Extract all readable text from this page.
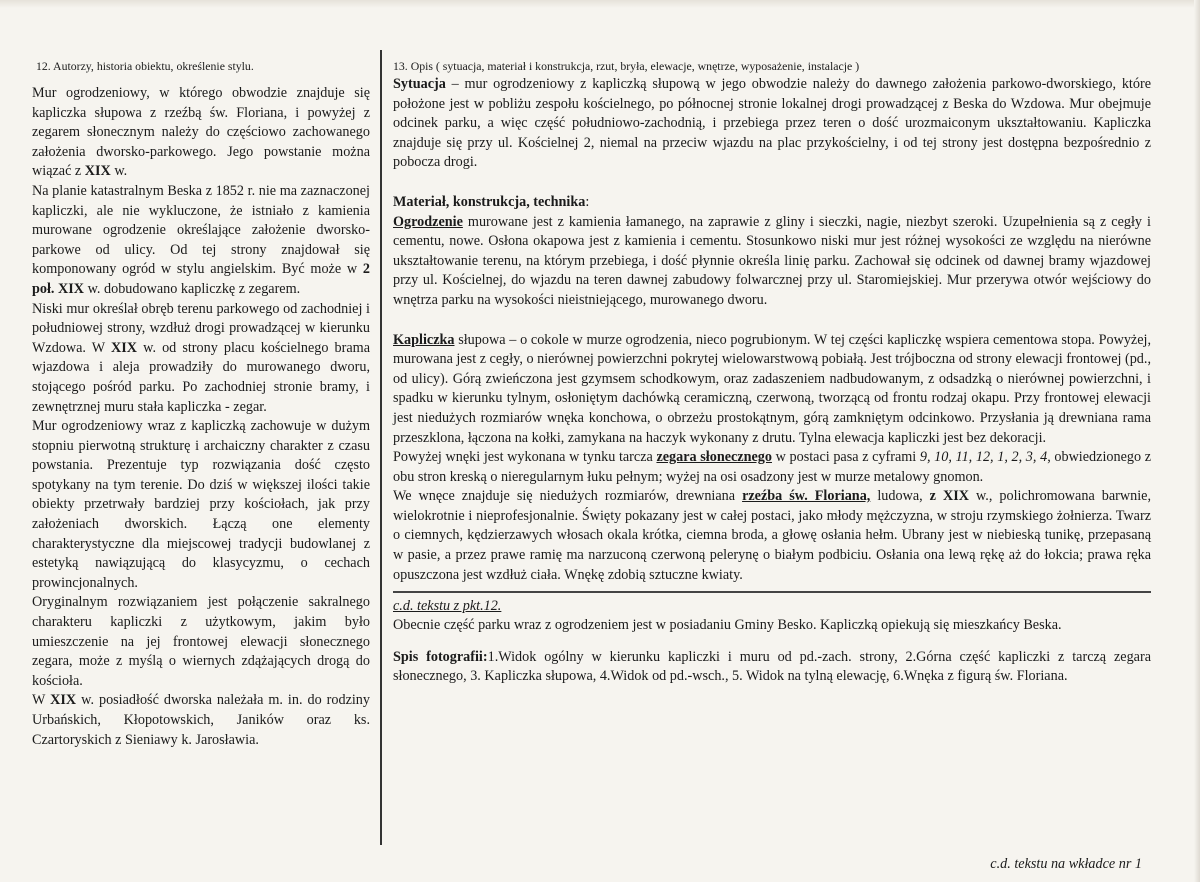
12. Autorzy, historia obiektu, określenie stylu.

Mur ogrodzeniowy, w którego obwodzie znajduje się kapliczka słupowa z rzeźbą św. Floriana, i powyżej z zegarem słonecznym należy do częściowo zachowanego założenia dworsko-parkowego. Jego powstanie można wiązać z XIX w.

Na planie katastralnym Beska z 1852 r. nie ma zaznaczonej kapliczki, ale nie wykluczone, że istniało z kamienia murowane ogrodzenie określające założenie dworsko-parkowe od ulicy. Od tej strony znajdował się komponowany ogród w stylu angielskim. Być może w 2 poł. XIX w. dobudowano kapliczkę z zegarem.

Niski mur określał obręb terenu parkowego od zachodniej i południowej strony, wzdłuż drogi prowadzącej w kierunku Wzdowa. W XIX w. od strony placu kościelnego brama wjazdowa i aleja prowadziły do murowanego dworu, stojącego pośród parku. Po zachodniej stronie bramy, i zewnętrznej muru stała kapliczka - zegar.

Mur ogrodzeniowy wraz z kapliczką zachowuje w dużym stopniu pierwotną strukturę i archaiczny charakter z czasu powstania. Prezentuje typ rozwiązania dość często spotykany na tym terenie. Do dziś w większej ilości takie obiekty przetrwały bardziej przy kościołach, jak przy założeniach dworskich. Łączą one elementy charakterystyczne dla miejscowej tradycji budowlanej z estetyką nawiązującą do klasycyzmu, o cechach prowincjonalnych.

Oryginalnym rozwiązaniem jest połączenie sakralnego charakteru kapliczki z użytkowym, jakim było umieszczenie na jej frontowej elewacji słonecznego zegara, może z myślą o wiernych zdążających drogą do kościoła.

W XIX w. posiadłość dworska należała m. in. do rodziny Urbańskich, Kłopotowskich, Janików oraz ks. Czartoryskich z Sieniawy k. Jarosławia.

13. Opis ( sytuacja, materiał i konstrukcja, rzut, bryła, elewacje, wnętrze, wyposażenie, instalacje )

Sytuacja – mur ogrodzeniowy z kapliczką słupową w jego obwodzie należy do dawnego założenia parkowo-dworskiego, które położone jest w pobliżu zespołu kościelnego, po północnej stronie lokalnej drogi prowadzącej z Beska do Wzdowa. Mur obejmuje odcinek parku, a więc część południowo-zachodnią, i przebiega przez teren o dość urozmaiconym ukształtowaniu. Kapliczka znajduje się przy ul. Kościelnej 2, niemal na przeciw wjazdu na plac przykościelny, i od tej strony jest dostępna bezpośrednio z pobocza drogi.

Materiał, konstrukcja, technika:

Ogrodzenie murowane jest z kamienia łamanego, na zaprawie z gliny i sieczki, nagie, niezbyt szeroki. Uzupełnienia są z cegły i cementu, nowe. Osłona okapowa jest z kamienia i cementu. Stosunkowo niski mur jest różnej wysokości ze względu na nierówne ukształtowanie terenu, na którym przebiega, i dość płynnie określa linię parku. Zachował się odcinek od dawnej bramy wjazdowej przy ul. Kościelnej, do wjazdu na teren dawnej zabudowy folwarcznej przy ul. Staromiejskiej. Mur przerywa otwór wejściowy do wnętrza parku na wysokości nieistniejącego, murowanego dworu.

Kapliczka słupowa – o cokole w murze ogrodzenia, nieco pogrubionym. W tej części kapliczkę wspiera cementowa stopa. Powyżej, murowana jest z cegły, o nierównej powierzchni pokrytej wielowarstwową pobiałą. Jest trójboczna od strony elewacji frontowej (pd., od ulicy). Górą zwieńczona jest gzymsem schodkowym, oraz zadaszeniem nadbudowanym, z odsadzką o nierównej powierzchni, i spadku w kierunku tylnym, osłoniętym dachówką ceramiczną, czerwoną, tworzącą od frontu rodzaj okapu. Przy frontowej elewacji jest niedużych rozmiarów wnęka konchowa, o obrzeżu prostokątnym, górą zamkniętym odcinkowo. Przysłania ją drewniana rama przeszklona, łączona na kołki, zamykana na haczyk wykonany z drutu. Tylna elewacja kapliczki jest bez dekoracji.

Powyżej wnęki jest wykonana w tynku tarcza zegara słonecznego w postaci pasa z cyframi 9, 10, 11, 12, 1, 2, 3, 4, obwiedzionego z obu stron kreską o nieregularnym łuku pełnym; wyżej na osi osadzony jest w murze metalowy gnomon.

We wnęce znajduje się niedużych rozmiarów, drewniana rzeźba św. Floriana, ludowa, z XIX w., polichromowana barwnie, wielokrotnie i nieprofesjonalnie. Święty pokazany jest w całej postaci, jako młody mężczyzna, w stroju rzymskiego żołnierza. Twarz o ciemnych, kędzierzawych włosach okala krótka, ciemna broda, a głowę osłania hełm. Ubrany jest w niebieską tunikę, przepasaną w pasie, a przez prawe ramię ma narzuconą czerwoną pelerynę o białym podbiciu. Osłania ona lewą rękę aż do łokcia; prawa ręka opuszczona jest wzdłuż ciała. Wnękę zdobią sztuczne kwiaty.

c.d. tekstu z pkt.12.

Obecnie część parku wraz z ogrodzeniem jest w posiadaniu Gminy Besko. Kapliczką opiekują się mieszkańcy Beska.

Spis fotografii:1.Widok ogólny w kierunku kapliczki i muru od pd.-zach. strony, 2.Górna część kapliczki z tarczą zegara słonecznego, 3. Kapliczka słupowa, 4.Widok od pd.-wsch., 5. Widok na tylną elewację, 6.Wnęka z figurą św. Floriana.

c.d. tekstu na wkładce nr 1
